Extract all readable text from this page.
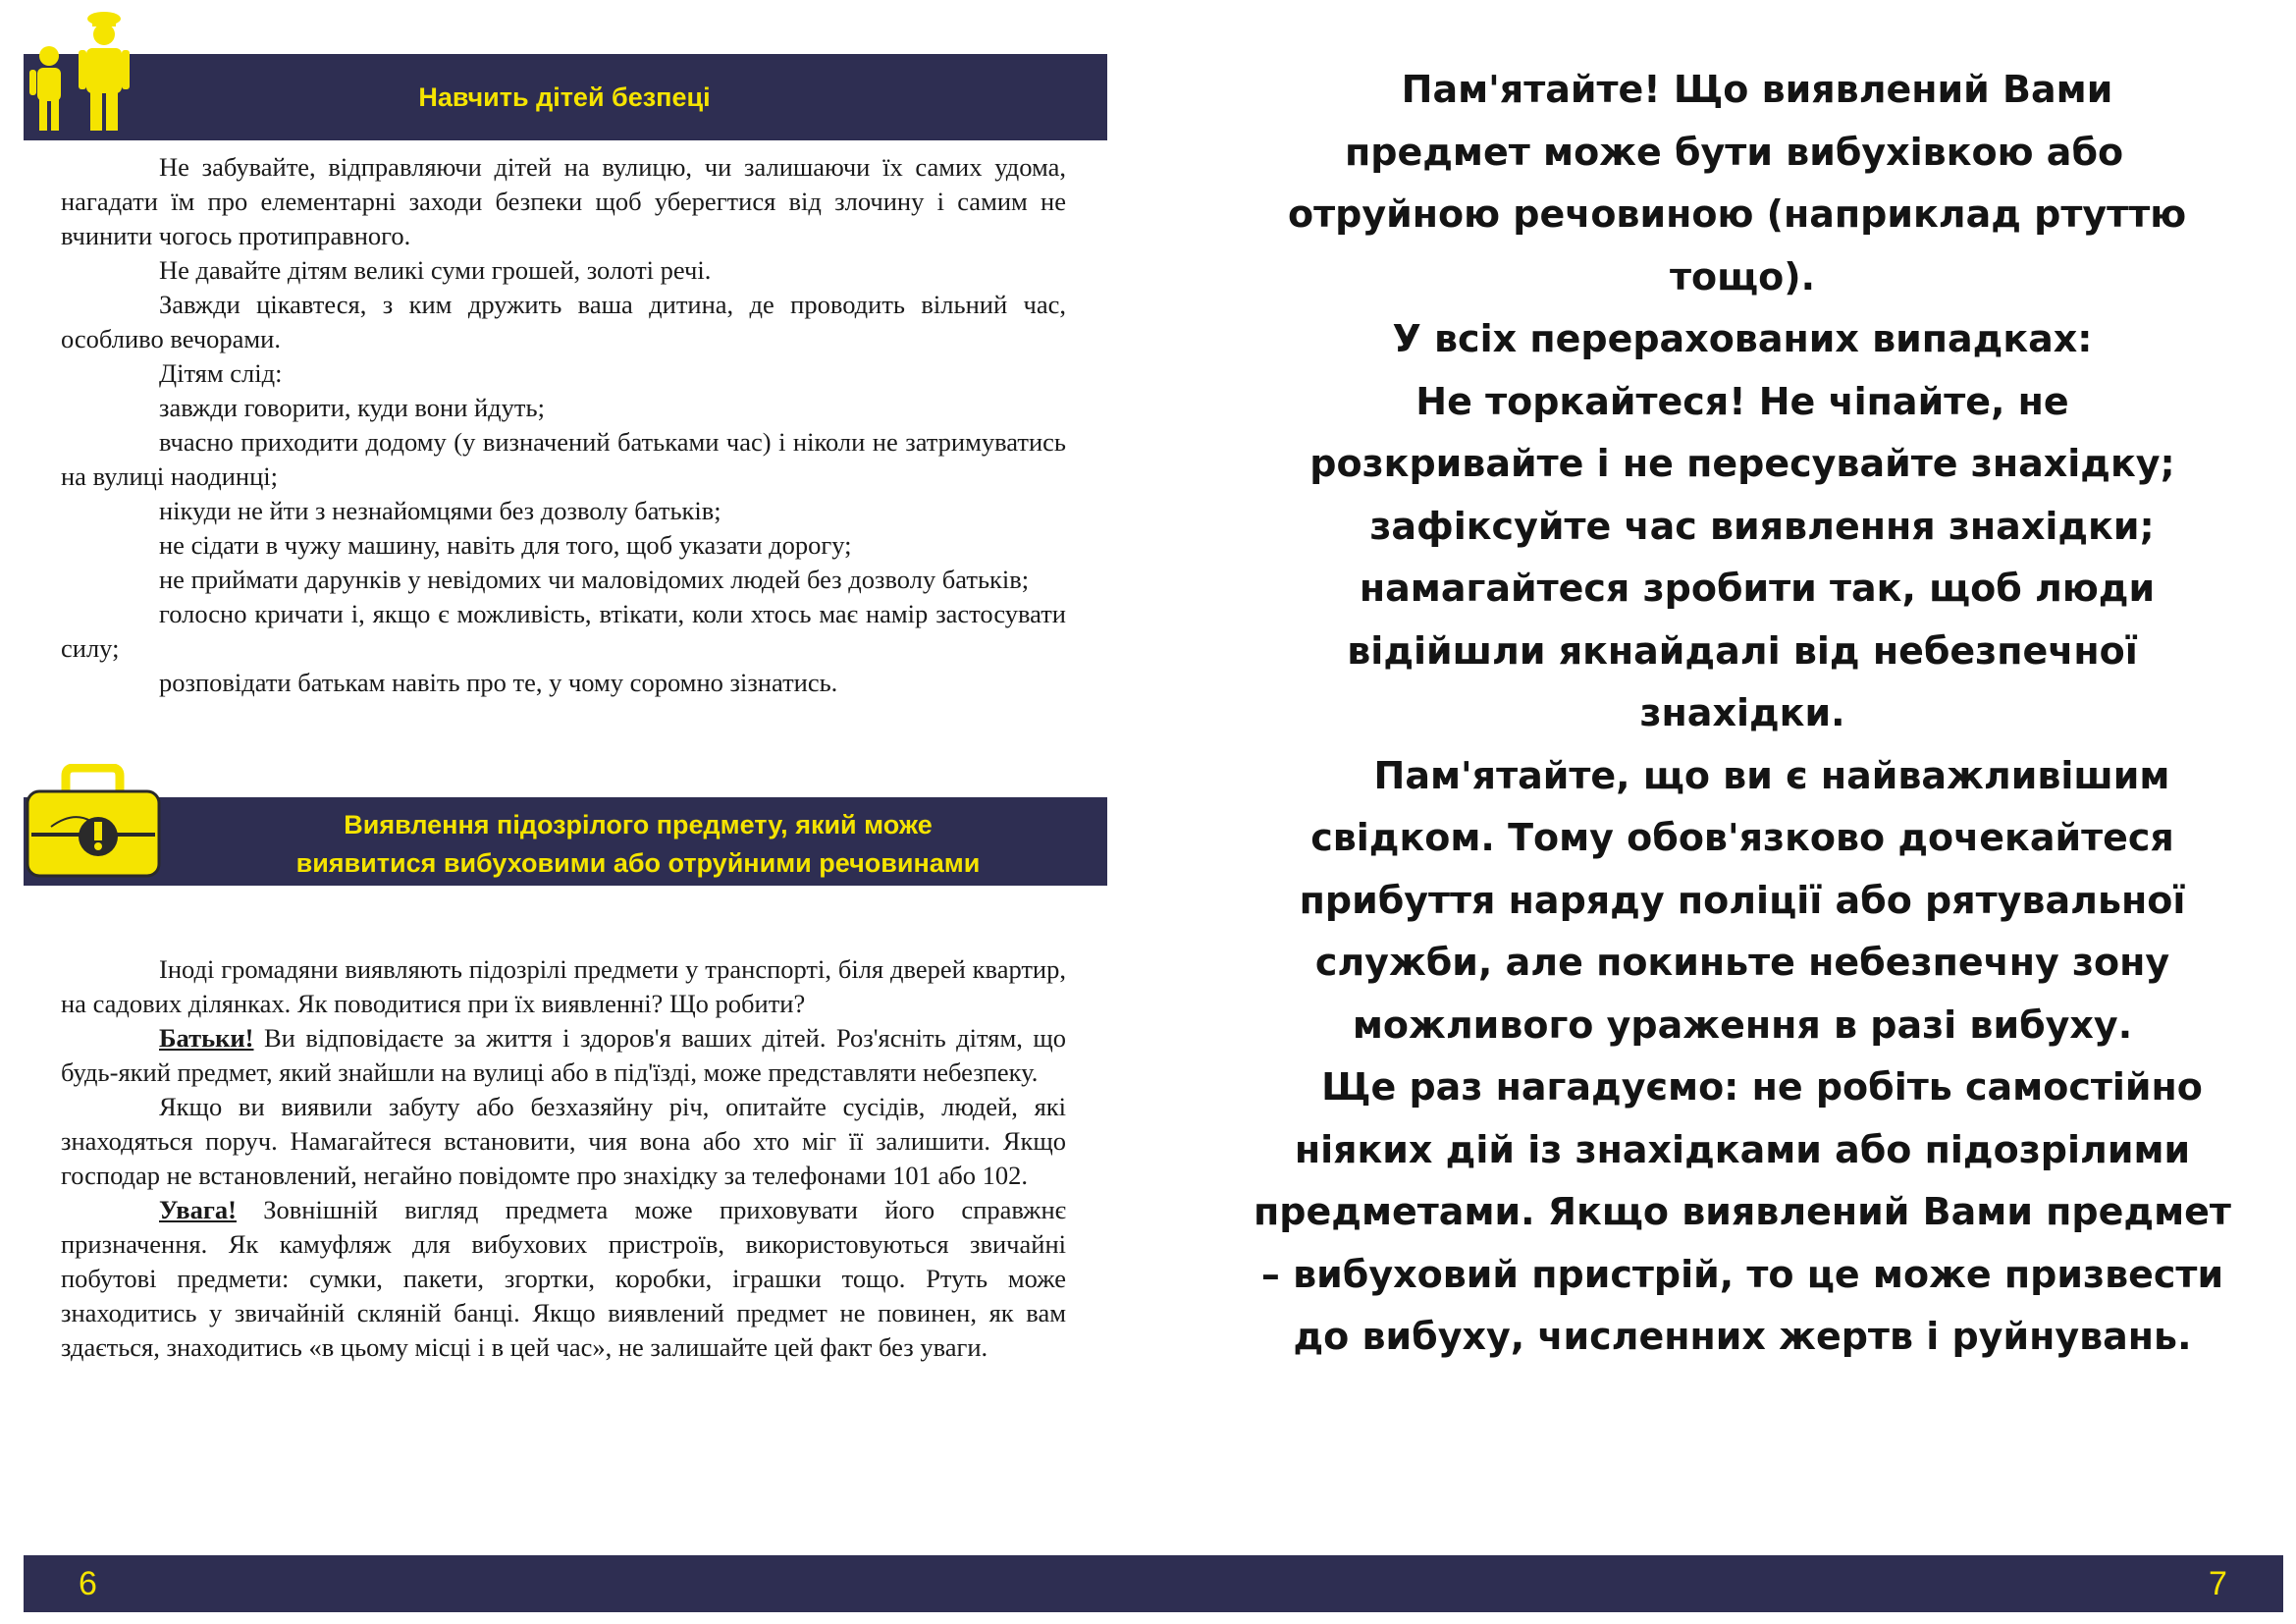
Навчить дітей безпеці

Не забувайте, відправляючи дітей на вулицю, чи залишаючи їх самих удома, нагадати їм про елементарні заходи безпеки щоб уберегтися від злочину і самим не вчинити чогось протиправного.

Не давайте дітям великі суми грошей, золоті речі.

Завжди цікавтеся, з ким дружить ваша дитина, де проводить вільний час, особливо вечорами.

Дітям слід:

завжди говорити, куди вони йдуть;

вчасно приходити додому (у визначений батьками час) і ніколи не затримуватись на вулиці наодинці;

нікуди не йти з незнайомцями без дозволу батьків;

не сідати в чужу машину, навіть для того, щоб указати дорогу;

не приймати дарунків у невідомих чи маловідомих людей без дозволу батьків;

голосно кричати і, якщо є можливість, втікати, коли хтось має намір застосувати силу;

розповідати батькам навіть про те, у чому соромно зізнатись.

Виявлення підозрілого предмету, який може
виявитися вибуховими або отруйними речовинами

Іноді громадяни виявляють підозрілі предмети у транспорті, біля дверей квартир, на садових ділянках. Як поводитися при їх виявленні? Що робити?

Батьки! Ви відповідаєте за життя і здоров'я ваших дітей. Роз'ясніть дітям, що будь-який предмет, який знайшли на вулиці або в під'їзді, може представляти небезпеку.

Якщо ви виявили забуту або безхазяйну річ, опитайте сусідів, людей, які знаходяться поруч. Намагайтеся встановити, чия вона або хто міг її залишити. Якщо господар не встановлений, негайно повідомте про знахідку за телефонами 101 або 102.

Увага! Зовнішній вигляд предмета може приховувати його справжнє призначення. Як камуфляж для вибухових пристроїв, використовуються звичайні побутові предмети: сумки, пакети, згортки, коробки, іграшки тощо. Ртуть може знаходитись у звичайній скляній банці. Якщо виявлений предмет не повинен, як вам здається, знаходитись «в цьому місці і в цей час», не залишайте цей факт без уваги.

Пам'ятайте! Що виявлений Вами

предмет може бути вибухівкою або

отруйною речовиною (наприклад ртуттю

тощо).

У всіх перерахованих випадках:

Не торкайтеся! Не чіпайте, не

розкривайте і не пересувайте знахідку;

зафіксуйте час виявлення знахідки;

намагайтеся зробити так, щоб люди

відійшли якнайдалі від небезпечної

знахідки.

Пам'ятайте, що ви є найважливішим

свідком. Тому обов'язково дочекайтеся

прибуття наряду поліції або рятувальної

служби, але покиньте небезпечну зону

можливого ураження в разі вибуху.

Ще раз нагадуємо: не робіть самостійно

ніяких дій із знахідками або підозрілими

предметами. Якщо виявлений Вами предмет

– вибуховий пристрій, то це може призвести

до вибуху, численних жертв і руйнувань.

6	7
